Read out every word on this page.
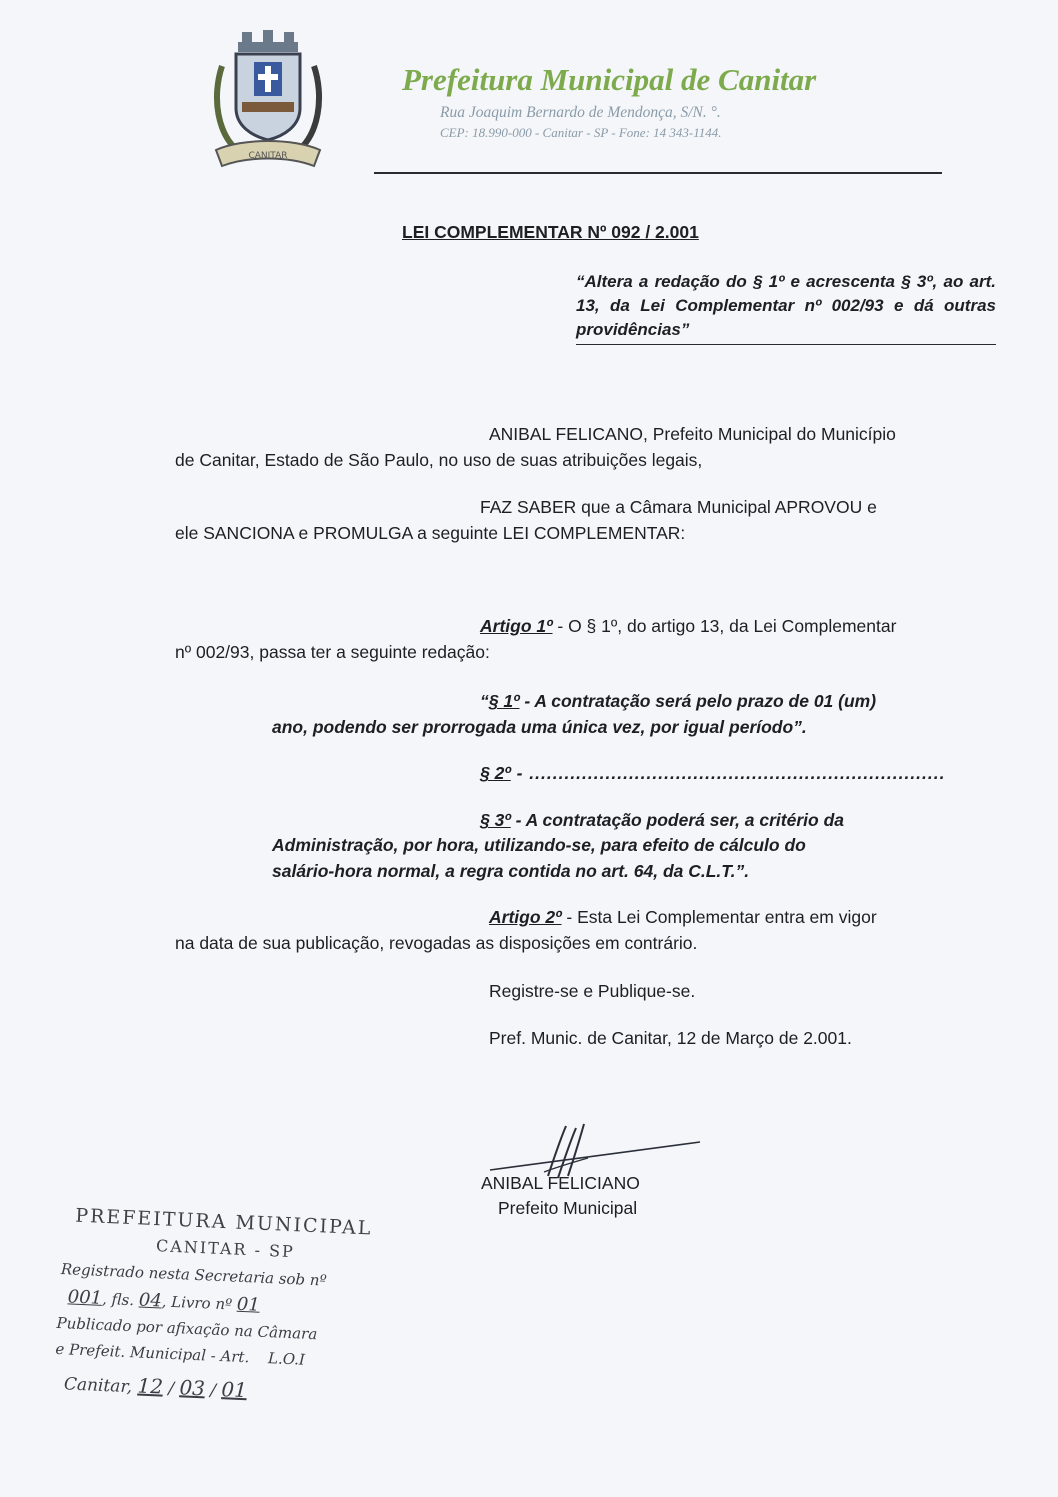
CANITAR
Prefeitura Municipal de Canitar
Rua Joaquim Bernardo de Mendonça, S/N. °.
CEP: 18.990-000 - Canitar - SP - Fone: 14 343-1144.
LEI COMPLEMENTAR Nº 092 / 2.001
“Altera a redação do § 1º e acrescenta § 3º, ao art. 13, da Lei Complementar nº 002/93 e dá outras providências”
ANIBAL FELICANO, Prefeito Municipal do Município
de Canitar, Estado de São Paulo, no uso de suas atribuições legais,
FAZ SABER que a Câmara Municipal APROVOU e
ele SANCIONA e PROMULGA a seguinte LEI COMPLEMENTAR:
Artigo 1º - O § 1º, do artigo 13, da Lei Complementar
nº 002/93, passa ter a seguinte redação:
“§ 1º - A contratação será pelo prazo de 01 (um)
ano, podendo ser prorrogada uma única vez, por igual período”.
§ 2º - .......................................................................
§ 3º - A contratação poderá ser, a critério da
Administração, por hora, utilizando-se, para efeito de cálculo do
salário-hora normal, a regra contida no art. 64, da C.L.T.”.
Artigo 2º - Esta Lei Complementar entra em vigor
na data de sua publicação, revogadas as disposições em contrário.
Registre-se e Publique-se.
Pref. Munic. de Canitar, 12 de Março de 2.001.
ANIBAL FELICIANO
Prefeito Municipal
PREFEITURA MUNICIPAL
CANITAR - SP
Registrado nesta Secretaria sob nº
001, fls. 04, Livro nº 01
Publicado por afixação na Câmara
e Prefeit. Municipal - Art. L.O.I
Canitar, 12 / 03 / 01
